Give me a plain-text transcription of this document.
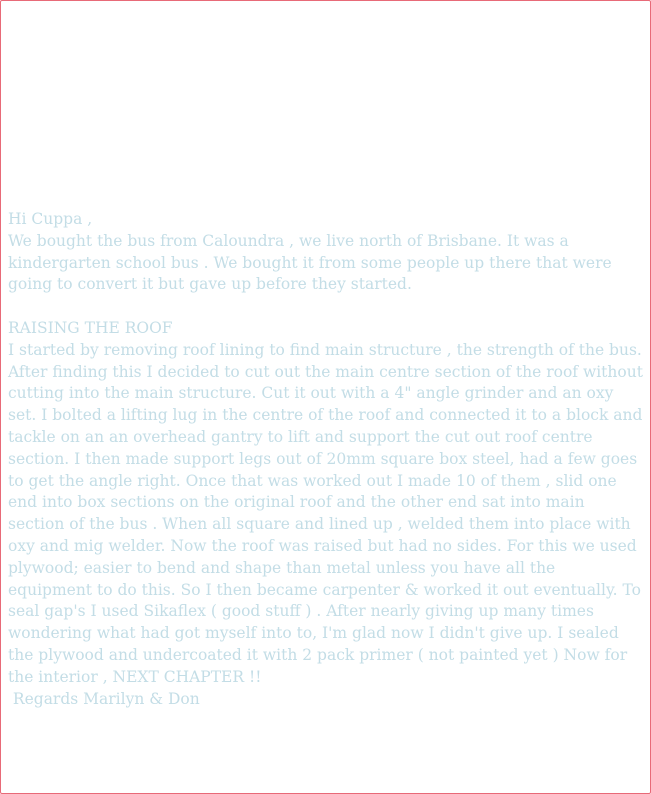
Hi Cuppa ,

We bought the bus from Caloundra , we live north of Brisbane. It was a kindergarten school bus . We bought it from some people up there that were going to convert it but gave up before they started.

RAISING THE ROOF

I started by removing roof lining to find main structure , the strength of the bus. After finding this I decided to cut out the main centre section of the roof without cutting into the main structure. Cut it out with a 4" angle grinder and an oxy set. I bolted a lifting lug in the centre of the roof and connected it to a block and tackle on an an overhead gantry to lift and support the cut out roof centre section. I then made support legs out of 20mm square box steel, had a few goes to get the angle right. Once that was worked out I made 10 of them , slid one end into box sections on the original roof and the other end sat into main section of the bus . When all square and lined up , welded them into place with oxy and mig welder. Now the roof was raised but had no sides. For this we used plywood; easier to bend and shape than metal unless you have all the equipment to do this. So I then became carpenter & worked it out eventually. To seal gap's I used Sikaflex ( good stuff ) . After nearly giving up many times wondering what had got myself into to, I'm glad now I didn't give up. I sealed the plywood and undercoated it with 2 pack primer ( not painted yet ) Now for the interior , NEXT CHAPTER !!

Regards Marilyn & Don
